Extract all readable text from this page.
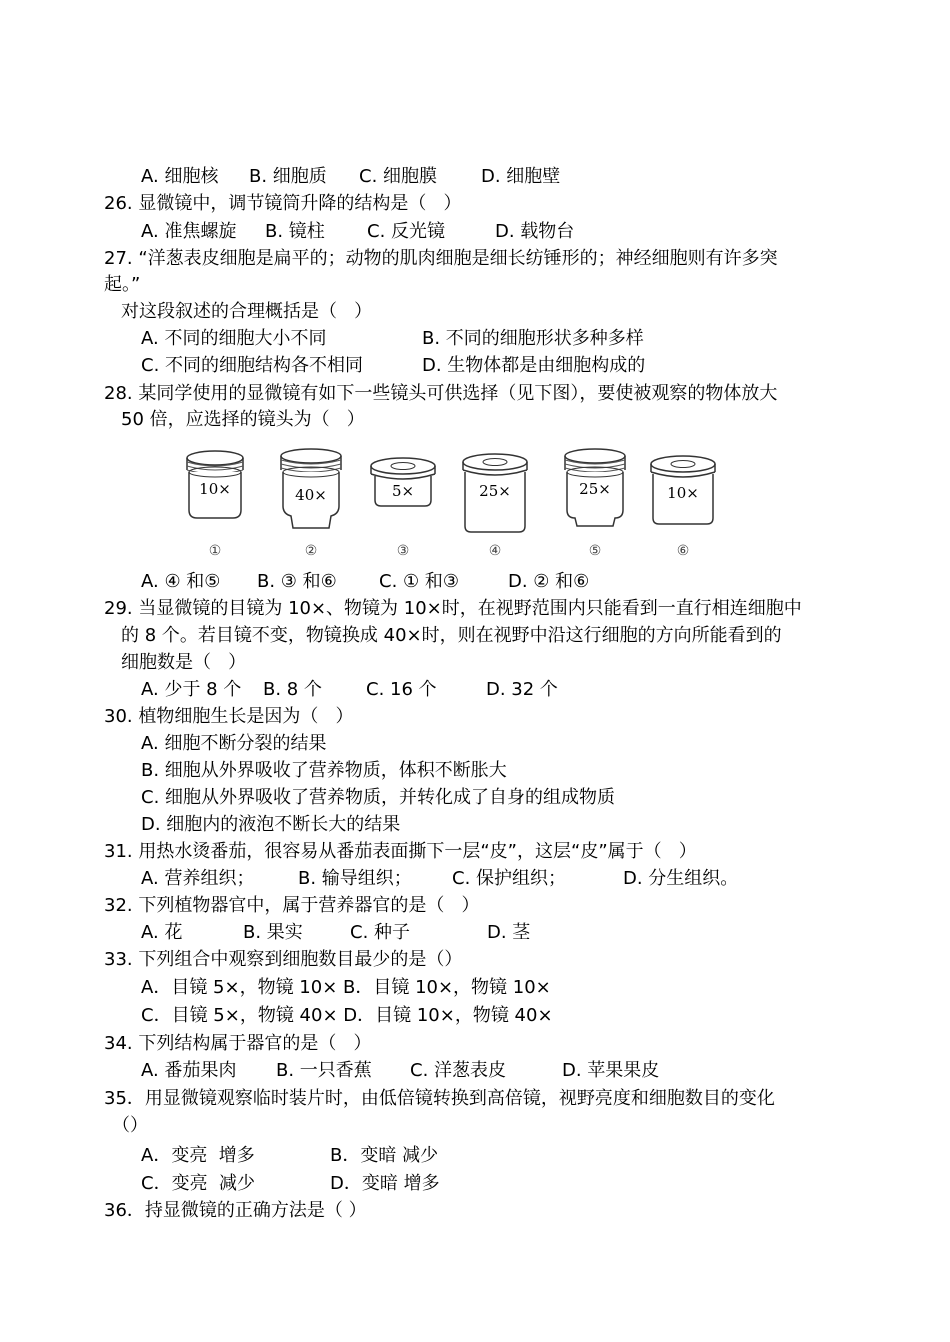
A. 细胞核 B. 细胞质 C. 细胞膜 D. 细胞壁
26. 显微镜中，调节镜筒升降的结构是（   ）
A. 准焦螺旋 B. 镜柱 C. 反光镜	D. 载物台
27. “洋葱表皮细胞是扁平的；动物的肌肉细胞是细长纺锤形的；神经细胞则有许多突
起。”
对这段叙述的合理概括是（   ）
A. 不同的细胞大小不同	B. 不同的细胞形状多种多样
C. 不同的细胞结构各不相同	D. 生物体都是由细胞构成的
28. 某同学使用的显微镜有如下一些镜头可供选择（见下图），要使被观察的物体放大
50 倍，应选择的镜头为（   ）
10×
①
40×
②
5×
③
25×
④
25×
⑤
10×
⑥
A. ④ 和⑤ B. ③ 和⑥ C. ① 和③	D. ② 和⑥
29. 当显微镜的目镜为 10×、物镜为 10×时，在视野范围内只能看到一直行相连细胞中
的 8 个。若目镜不变，物镜换成 40×时，则在视野中沿这行细胞的方向所能看到的
细胞数是（   ）
A. 少于 8 个 B. 8 个 C. 16 个	D. 32 个
30. 植物细胞生长是因为（   ）
A. 细胞不断分裂的结果
B. 细胞从外界吸收了营养物质，体积不断胀大
C. 细胞从外界吸收了营养物质，并转化成了自身的组成物质
D. 细胞内的液泡不断长大的结果
31. 用热水烫番茄，很容易从番茄表面撕下一层“皮”，这层“皮”属于（   ）
A. 营养组织； B. 输导组织； C. 保护组织；	D. 分生组织。
32. 下列植物器官中，属于营养器官的是（   ）
A. 花	B. 果实	C. 种子	D. 茎
33. 下列组合中观察到细胞数目最少的是（）
A．目镜 5×，物镜 10× B．目镜 10×，物镜 10×
C．目镜 5×，物镜 40× D．目镜 10×，物镜 40×
34. 下列结构属于器官的是（   ）
A. 番茄果肉 B. 一只香蕉 C. 洋葱表皮	D. 苹果果皮
35．用显微镜观察临时装片时，由低倍镜转换到高倍镜，视野亮度和细胞数目的变化
（）
A．变亮  增多	B．变暗 减少
C．变亮  减少	D．变暗 增多
36．持显微镜的正确方法是（ ）
